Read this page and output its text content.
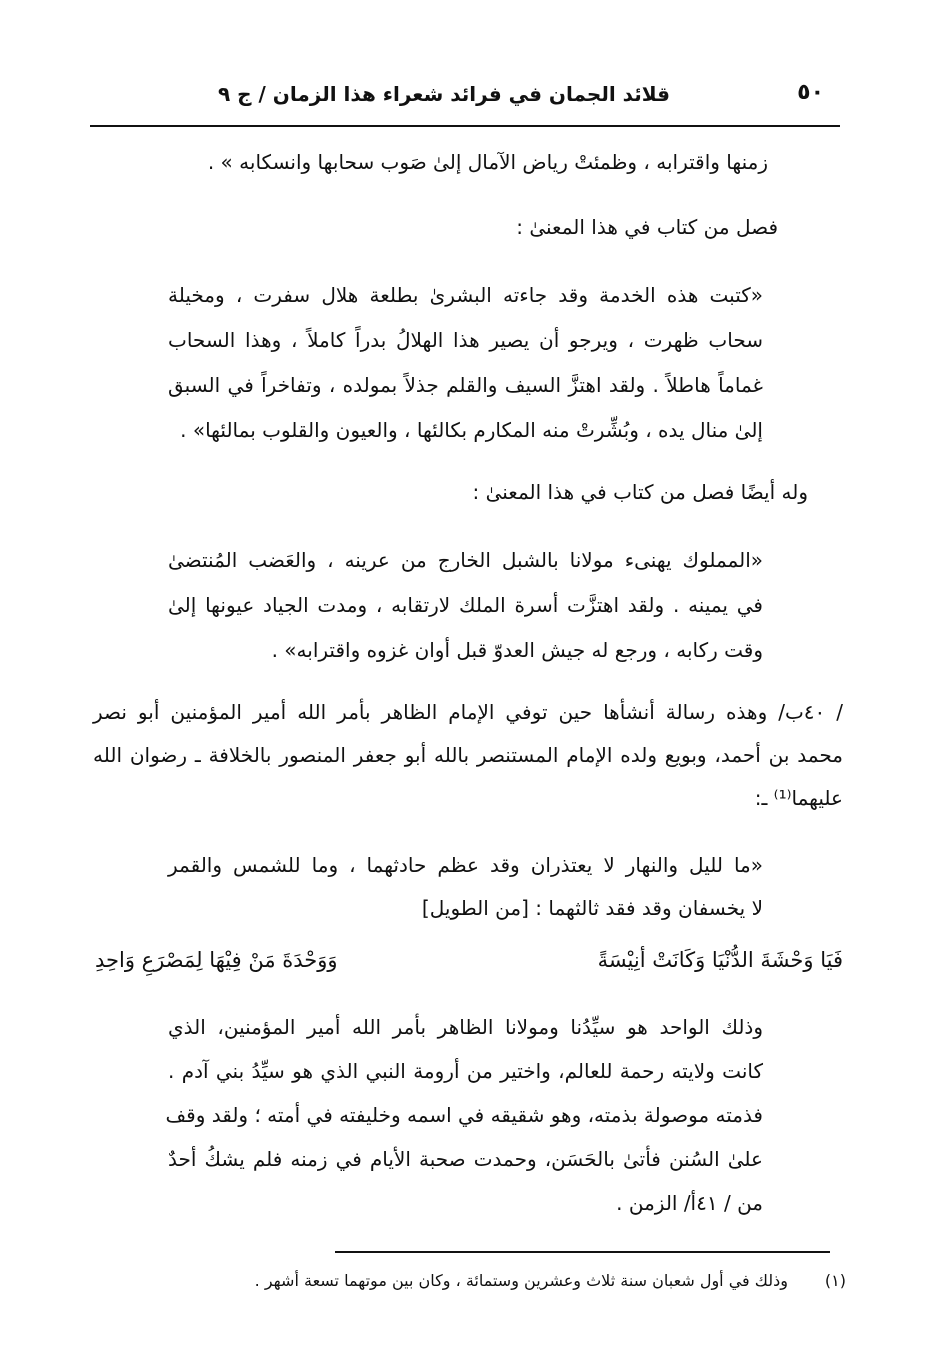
٥٠
قلائد الجمان في فرائد شعراء هذا الزمان / ج ٩
زمنها واقترابه ، وظمئتْ رياض الآمال إلىٰ صَوب سحابها وانسكابه » .
فصل من كتاب في هذا المعنىٰ :
«كتبت هذه الخدمة وقد جاءته البشرىٰ بطلعة هلال سفرت ، ومخيلة
سحاب ظهرت ، ويرجو أن يصير هذا الهلالُ بدراً كاملاً ، وهذا السحاب
غماماً هاطلاً . ولقد اهتزَّ السيف والقلم جذلاً بمولده ، وتفاخراً في السبق
إلىٰ منال يده ، وبُشِّرتْ منه المكارم بكالئها ، والعيون والقلوب بمالئها» .
وله أيضًا فصل من كتاب في هذا المعنىٰ :
«المملوك يهنىء مولانا بالشبل الخارج من عرينه ، والعَضب المُنتضىٰ
في يمينه . ولقد اهتزَّت أسرة الملك لارتقابه ، ومدت الجياد عيونها إلىٰ
وقت ركابه ، ورجع له جيش العدوّ قبل أوان غزوه واقترابه» .
/ ٤٠ب/ وهذه رسالة أنشأها حين توفي الإمام الظاهر بأمر الله أمير المؤمنين أبو نصر
محمد بن أحمد، وبويع ولده الإمام المستنصر بالله أبو جعفر المنصور بالخلافة ـ رضوان الله
عليهما⁽¹⁾ ـ:
«ما لليل والنهار لا يعتذران وقد عظم حادثهما ، وما للشمس والقمر
لا يخسفان وقد فقد ثالثهما : [من الطويل]
فَيَا وَحْشَةَ الدُّنْيَا وَكَانَتْ أنِيْسَةً
وَوَحْدَةَ مَنْ فِيْهَا لِمَصْرَعِ وَاحِدِ
وذلك الواحد هو سيِّدُنا ومولانا الظاهر بأمر الله أمير المؤمنين، الذي
كانت ولايته رحمة للعالم، واختير من أرومة النبي الذي هو سيِّدُ بني آدم .
فذمته موصولة بذمته، وهو شقيقه في اسمه وخليفته في أمته ؛ ولقد وقف
علىٰ السُنن فأتىٰ بالحَسَن، وحمدت صحبة الأيام في زمنه فلم يشكُ أحدٌ
من / ٤١أ/ الزمن .
(١)
وذلك في أول شعبان سنة ثلاث وعشرين وستمائة ، وكان بين موتهما تسعة أشهر .
